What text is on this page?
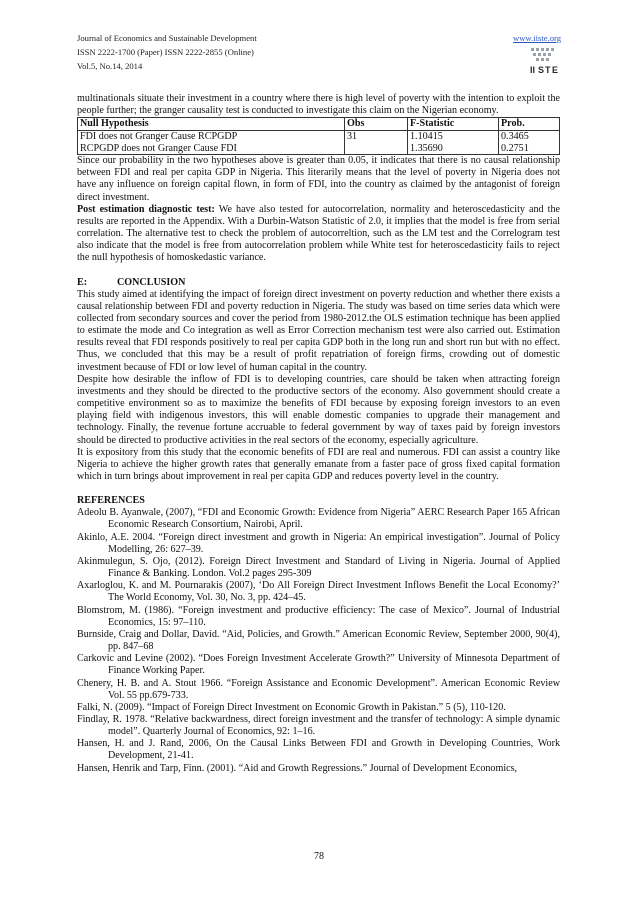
Journal of Economics and Sustainable Development
ISSN 2222-1700 (Paper) ISSN 2222-2855 (Online)
Vol.5, No.14, 2014
www.iiste.org
II S T E

multinationals situate their investment in a country where there is high level of poverty with the intention to exploit the people further; the granger causality test is conducted to investigate this claim on the Nigerian economy.

Null Hypothesis	Obs	F-Statistic	Prob.
FDI does not Granger Cause RCPGDP	31	1.10415	0.3465
RCPGDP does not Granger Cause FDI		1.35690	0.2751

Since our probability in the two hypotheses above is greater than 0.05, it indicates that there is no causal relationship between FDI and real per capita GDP in Nigeria. This literarily means that the level of poverty in Nigeria does not have any influence on foreign capital flown, in form of FDI, into the country as claimed by the antagonist of foreign direct investment.

Post estimation diagnostic test: We have also tested for autocorrelation, normality and heteroscedasticity and the results are reported in the Appendix. With a Durbin-Watson Statistic of 2.0, it implies that the model is free from serial correlation. The alternative test to check the problem of autocorreltion, such as the LM test and the Correlogram test also indicate that the model is free from autocorrelation problem while White test for heteroscedasticity fails to reject the null hypothesis of homoskedastic variance.

E:	CONCLUSION

This study aimed at identifying the impact of foreign direct investment on poverty reduction and whether there exists a causal relationship between FDI and poverty reduction in Nigeria. The study was based on time series data which were collected from secondary sources and cover the period from 1980-2012.the OLS estimation technique has been applied to estimate the mode and Co integration as well as Error Correction mechanism test were also carried out. Estimation results reveal that FDI responds positively to real per capita GDP both in the long run and short run but with no effect. Thus, we concluded that this may be a result of profit repatriation of foreign firms, crowding out of domestic investment because of FDI or low level of human capital in the country.

Despite how desirable the inflow of FDI is to developing countries, care should be taken when attracting foreign investments and they should be directed to the productive sectors of the economy. Also government should create a competitive environment so as to maximize the benefits of FDI because by exposing foreign investors to an even playing field with indigenous investors, this will enable domestic companies to upgrade their management and technology. Finally, the revenue fortune accruable to federal government by way of taxes paid by foreign investors should be directed to productive activities in the real sectors of the economy, especially agriculture.

It is expository from this study that the economic benefits of FDI are real and numerous. FDI can assist a country like Nigeria to achieve the higher growth rates that generally emanate from a faster pace of gross fixed capital formation which in turn brings about improvement in real per capita GDP and reduces poverty level in the country.

REFERENCES

Adeolu B. Ayanwale, (2007), “FDI and Economic Growth: Evidence from Nigeria” AERC Research Paper 165 African Economic Research Consortium, Nairobi, April.

Akinlo, A.E. 2004. “Foreign direct investment and growth in Nigeria: An empirical investigation”. Journal of Policy Modelling, 26: 627–39.

Akinmulegun, S. Ojo, (2012). Foreign Direct Investment and Standard of Living in Nigeria. Journal of Applied Finance & Banking. London. Vol.2 pages 295-309

Axarloglou, K. and M. Pournarakis (2007), ‘Do All Foreign Direct Investment Inflows Benefit the Local Economy?’ The World Economy, Vol. 30, No. 3, pp. 424–45.

Blomstrom, M. (1986). “Foreign investment and productive efficiency: The case of Mexico”. Journal of Industrial Economics, 15: 97–110.

Burnside, Craig and Dollar, David. “Aid, Policies, and Growth.” American Economic Review, September 2000, 90(4), pp. 847–68

Carkovic and Levine (2002). “Does Foreign Investment Accelerate Growth?” University of Minnesota Department of Finance Working Paper.

Chenery, H. B. and A. Stout 1966. “Foreign Assistance and Economic Development”. American Economic Review Vol. 55 pp.679-733.

Falki, N. (2009). “Impact of Foreign Direct Investment on Economic Growth in Pakistan.” 5 (5), 110-120.

Findlay, R. 1978. “Relative backwardness, direct foreign investment and the transfer of technology: A simple dynamic model”. Quarterly Journal of Economics, 92: 1–16.

Hansen, H. and J. Rand, 2006, On the Causal Links Between FDI and Growth in Developing Countries, Work Development, 21-41.

Hansen, Henrik and Tarp, Finn. (2001). “Aid and Growth Regressions.” Journal of Development Economics,

78
